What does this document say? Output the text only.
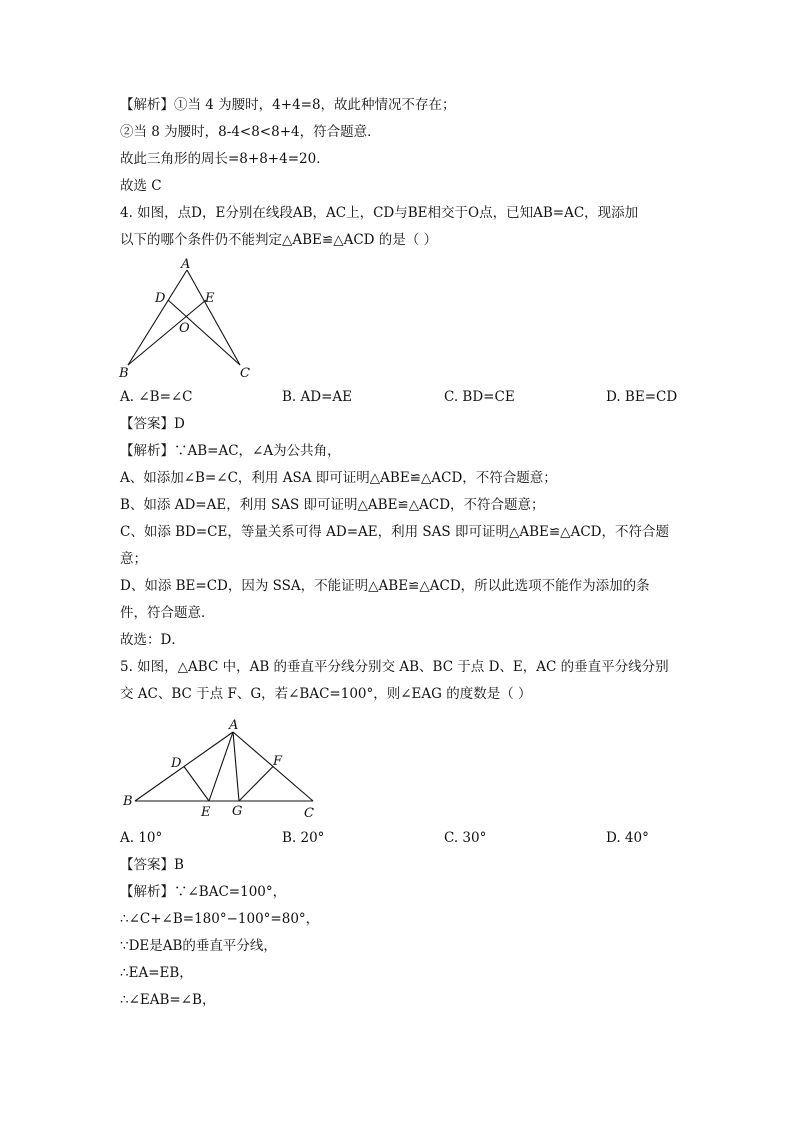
【解析】①当 4 为腰时，4+4=8，故此种情况不存在；
②当 8 为腰时，8-4<8<8+4，符合题意．
故此三角形的周长=8+8+4=20．
故选 C
4. 如图，点D，E分别在线段AB，AC上，CD与BE相交于O点，已知AB=AC，现添加
以下的哪个条件仍不能判定△ABE≌△ACD 的是（ ）
A
D	E
O
B	C
A. ∠B=∠C	B. AD=AE	C. BD=CE	D. BE=CD
【答案】D
【解析】∵AB=AC，∠A为公共角，
A、如添加∠B=∠C，利用 ASA 即可证明△ABE≌△ACD，不符合题意；
B、如添 AD=AE，利用 SAS 即可证明△ABE≌△ACD，不符合题意；
C、如添 BD=CE，等量关系可得 AD=AE，利用 SAS 即可证明△ABE≌△ACD，不符合题
意；
D、如添 BE=CD，因为 SSA，不能证明△ABE≌△ACD，所以此选项不能作为添加的条
件，符合题意．
故选：D．
5. 如图，△ABC 中，AB 的垂直平分线分别交 AB、BC 于点 D、E，AC 的垂直平分线分别
交 AC、BC 于点 F、G，若∠BAC=100°，则∠EAG 的度数是（ ）
A
D	F
B
E G	C
A. 10°	B. 20°	C. 30°	D. 40°
【答案】B
【解析】∵∠BAC=100°，
∴∠C+∠B=180°−100°=80°，
∵DE是AB的垂直平分线，
∴EA=EB，
∴∠EAB=∠B，
